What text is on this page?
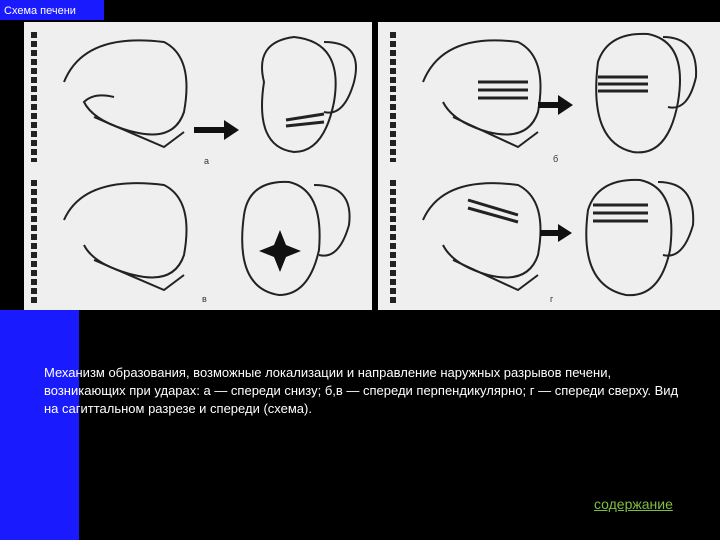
Схема печени
а	б
в	г
Механизм образования, возможные локализации и направление наружных разрывов печени, возникающих при ударах: а — спереди снизу; б,в — спереди перпендикулярно; г — спереди сверху. Вид на сагиттальном разрезе и спереди (схема).
содержание
